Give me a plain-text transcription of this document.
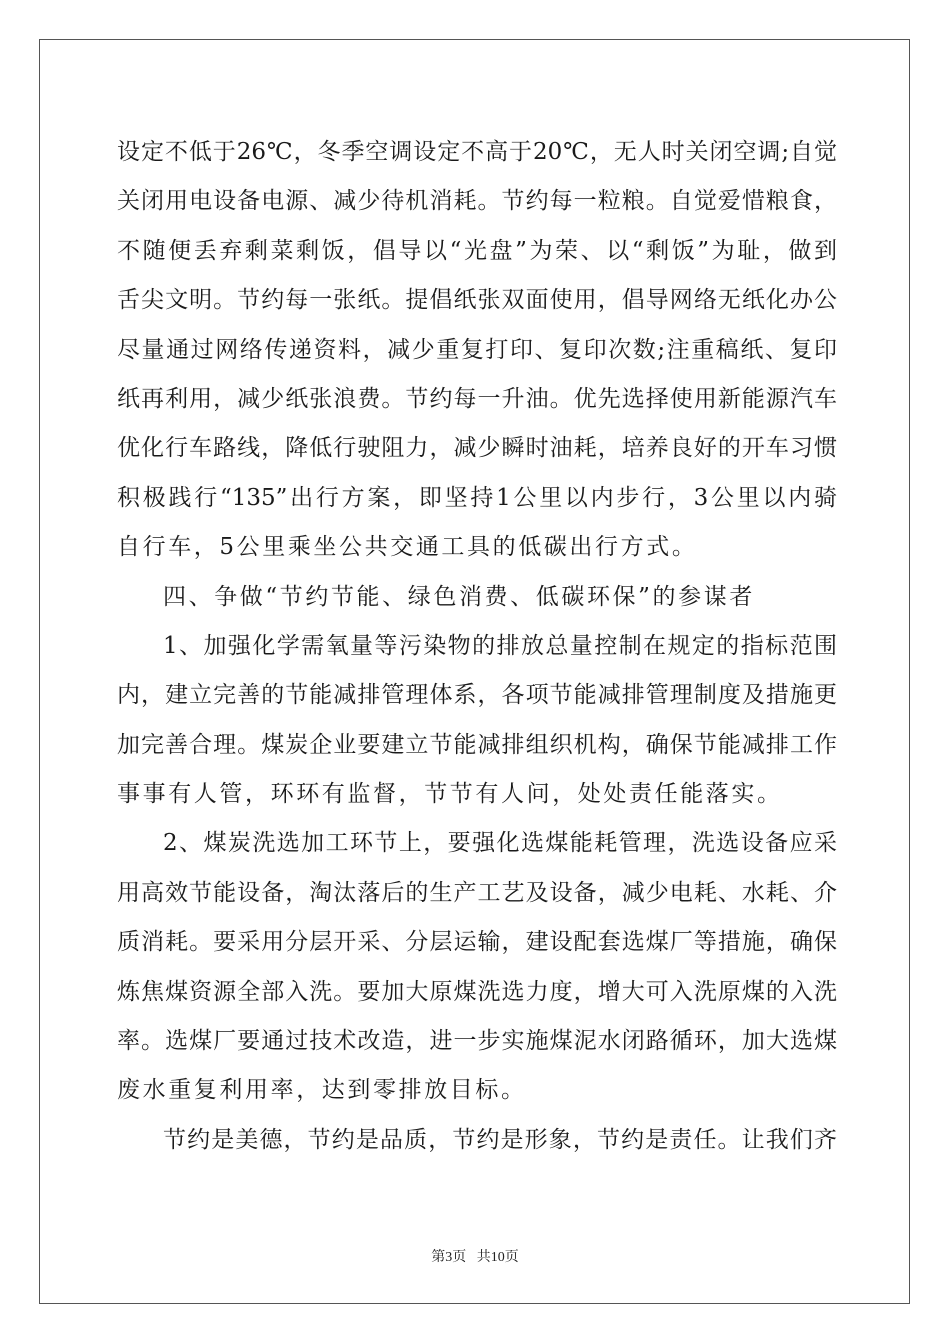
设定不低于26℃，冬季空调设定不高于20℃，无人时关闭空调;自觉
关闭用电设备电源、减少待机消耗。节约每一粒粮。自觉爱惜粮食，
不随便丢弃剩菜剩饭，倡导以“光盘”为荣、以“剩饭”为耻，做到
舌尖文明。节约每一张纸。提倡纸张双面使用，倡导网络无纸化办公
尽量通过网络传递资料，减少重复打印、复印次数;注重稿纸、复印
纸再利用，减少纸张浪费。节约每一升油。优先选择使用新能源汽车
优化行车路线，降低行驶阻力，减少瞬时油耗，培养良好的开车习惯
积极践行“135”出行方案，即坚持1公里以内步行，3公里以内骑
自行车，5公里乘坐公共交通工具的低碳出行方式。
四、争做“节约节能、绿色消费、低碳环保”的参谋者
1、加强化学需氧量等污染物的排放总量控制在规定的指标范围
内，建立完善的节能减排管理体系，各项节能减排管理制度及措施更
加完善合理。煤炭企业要建立节能减排组织机构，确保节能减排工作
事事有人管，环环有监督，节节有人问，处处责任能落实。
2、煤炭洗选加工环节上，要强化选煤能耗管理，洗选设备应采
用高效节能设备，淘汰落后的生产工艺及设备，减少电耗、水耗、介
质消耗。要采用分层开采、分层运输，建设配套选煤厂等措施，确保
炼焦煤资源全部入洗。要加大原煤洗选力度，增大可入洗原煤的入洗
率。选煤厂要通过技术改造，进一步实施煤泥水闭路循环，加大选煤
废水重复利用率，达到零排放目标。
节约是美德，节约是品质，节约是形象，节约是责任。让我们齐
第3页   共10页
